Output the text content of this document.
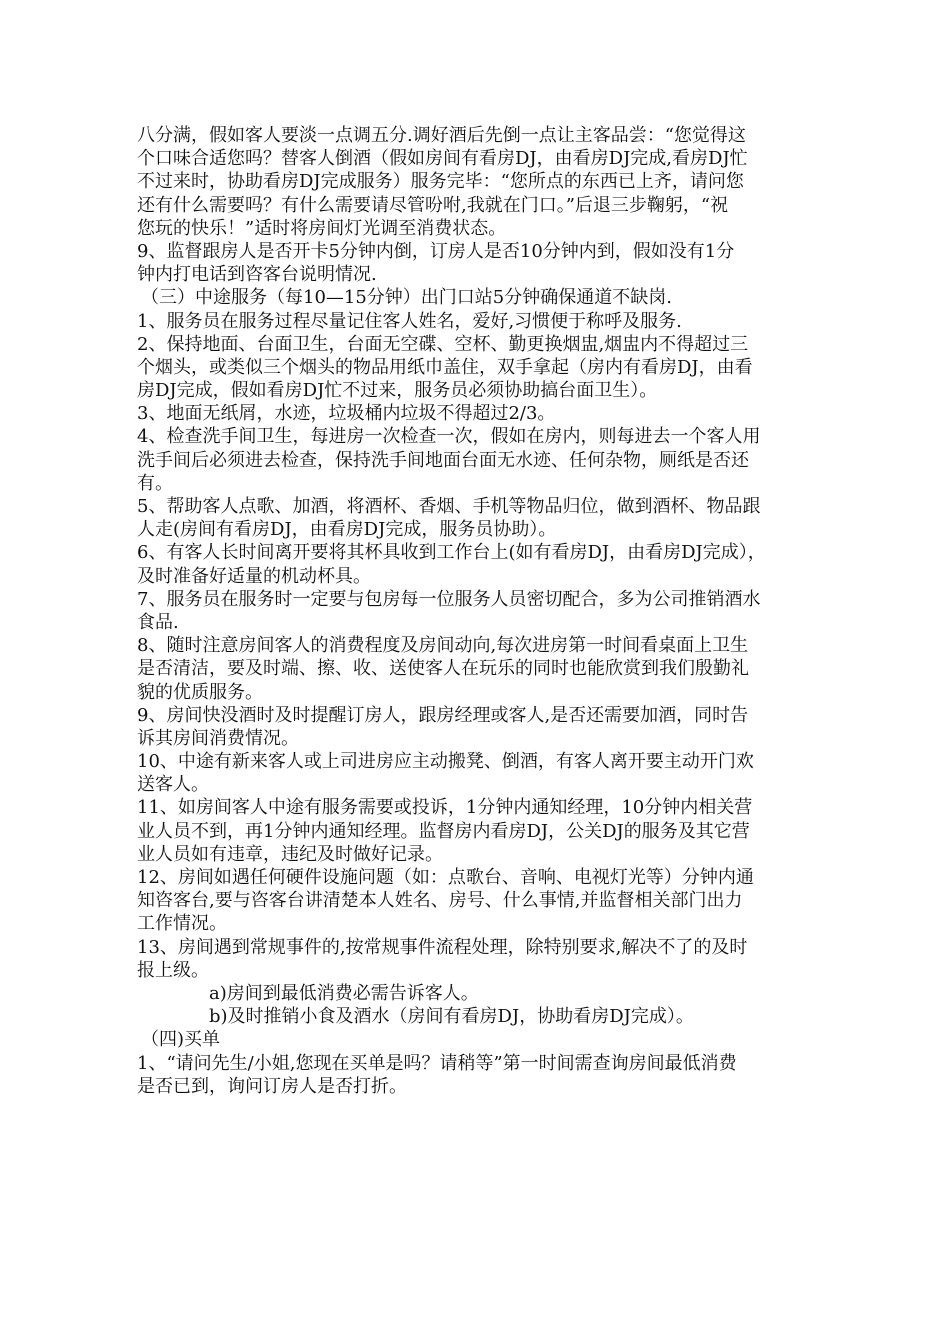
八分满，假如客人要淡一点调五分.调好酒后先倒一点让主客品尝：“您觉得这
个口味合适您吗？替客人倒酒（假如房间有看房DJ，由看房DJ完成,看房DJ忙
不过来时，协助看房DJ完成服务）服务完毕：“您所点的东西已上齐，请问您
还有什么需要吗？有什么需要请尽管吩咐,我就在门口。”后退三步鞠躬，“祝
您玩的快乐！”适时将房间灯光调至消费状态。
9、监督跟房人是否开卡5分钟内倒，订房人是否10分钟内到，假如没有1分
钟内打电话到咨客台说明情况.
（三）中途服务（每10—15分钟）出门口站5分钟确保通道不缺岗.
1、服务员在服务过程尽量记住客人姓名，爱好,习惯便于称呼及服务.
2、保持地面、台面卫生，台面无空碟、空杯、勤更换烟盅,烟盅内不得超过三
个烟头，或类似三个烟头的物品用纸巾盖住，双手拿起（房内有看房DJ，由看
房DJ完成，假如看房DJ忙不过来，服务员必须协助搞台面卫生）。
3、地面无纸屑，水迹，垃圾桶内垃圾不得超过2/3。
4、检查洗手间卫生，每进房一次检查一次，假如在房内，则每进去一个客人用
洗手间后必须进去检查，保持洗手间地面台面无水迹、任何杂物，厕纸是否还
有。
5、帮助客人点歌、加酒，将酒杯、香烟、手机等物品归位，做到酒杯、物品跟
人走(房间有看房DJ，由看房DJ完成，服务员协助）。
6、有客人长时间离开要将其杯具收到工作台上(如有看房DJ，由看房DJ完成），
及时准备好适量的机动杯具。
7、服务员在服务时一定要与包房每一位服务人员密切配合，多为公司推销酒水
食品.
8、随时注意房间客人的消费程度及房间动向,每次进房第一时间看桌面上卫生
是否清洁，要及时端、擦、收、送使客人在玩乐的同时也能欣赏到我们殷勤礼
貌的优质服务。
9、房间快没酒时及时提醒订房人，跟房经理或客人,是否还需要加酒，同时告
诉其房间消费情况。
10、中途有新来客人或上司进房应主动搬凳、倒酒，有客人离开要主动开门欢
送客人。
11、如房间客人中途有服务需要或投诉，1分钟内通知经理，10分钟内相关营
业人员不到，再1分钟内通知经理。监督房内看房DJ，公关DJ的服务及其它营
业人员如有违章，违纪及时做好记录。
12、房间如遇任何硬件设施问题（如：点歌台、音响、电视灯光等）分钟内通
知咨客台,要与咨客台讲清楚本人姓名、房号、什么事情,并监督相关部门出力
工作情况。
13、房间遇到常规事件的,按常规事件流程处理，除特别要求,解决不了的及时
报上级。
a)房间到最低消费必需告诉客人。
b)及时推销小食及酒水（房间有看房DJ，协助看房DJ完成）。
（四)买单
1、“请问先生/小姐,您现在买单是吗？请稍等”第一时间需查询房间最低消费
是否已到，询问订房人是否打折。
